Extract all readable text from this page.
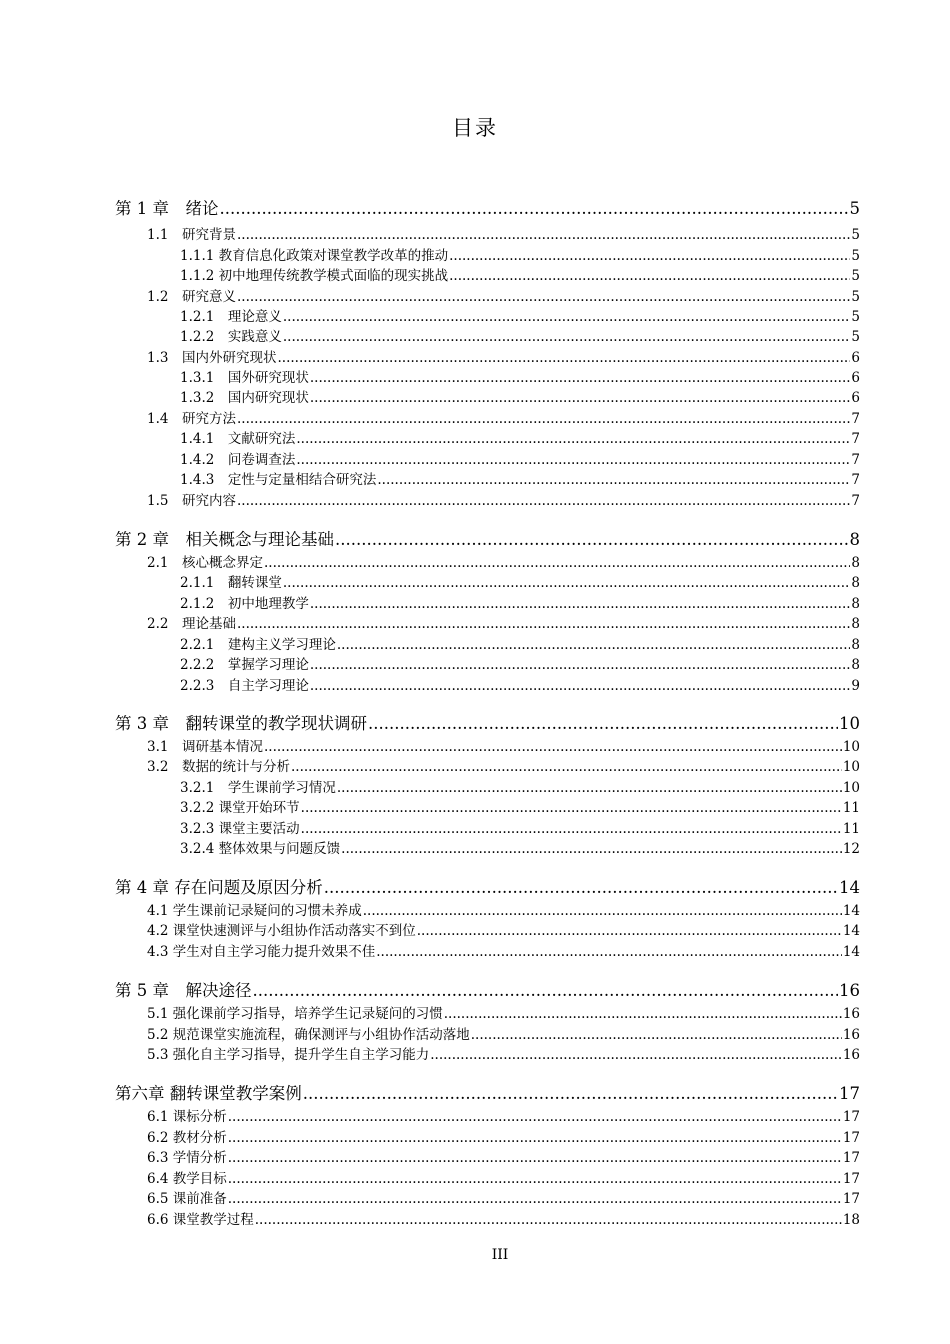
目录
第 1 章　绪论 .....	5
1.1　研究背景 .....	5
1.1.1 教育信息化政策对课堂教学改革的推动 .....	5
1.1.2 初中地理传统教学模式面临的现实挑战 .....	5
1.2　研究意义 .....	5
1.2.1　理论意义 .....	5
1.2.2　实践意义 .....	5
1.3　国内外研究现状 .....	6
1.3.1　国外研究现状 .....	6
1.3.2　国内研究现状 .....	6
1.4　研究方法 .....	7
1.4.1　文献研究法 .....	7
1.4.2　问卷调查法 .....	7
1.4.3　定性与定量相结合研究法 .....	7
1.5　研究内容 .....	7
第 2 章　相关概念与理论基础 .....	8
2.1　核心概念界定 .....	8
2.1.1　翻转课堂 .....	8
2.1.2　初中地理教学 .....	8
2.2　理论基础 .....	8
2.2.1　建构主义学习理论 .....	8
2.2.2　掌握学习理论 .....	8
2.2.3　自主学习理论 .....	9
第 3 章　翻转课堂的教学现状调研 .....	10
3.1　调研基本情况 .....	10
3.2　数据的统计与分析 .....	10
3.2.1　学生课前学习情况 .....	10
3.2.2 课堂开始环节 .....	11
3.2.3 课堂主要活动 .....	11
3.2.4 整体效果与问题反馈 .....	12
第 4 章 存在问题及原因分析 .....	14
4.1 学生课前记录疑问的习惯未养成 .....	14
4.2 课堂快速测评与小组协作活动落实不到位 .....	14
4.3 学生对自主学习能力提升效果不佳 .....	14
第 5 章　解决途径 .....	16
5.1 强化课前学习指导，培养学生记录疑问的习惯 .....	16
5.2 规范课堂实施流程，确保测评与小组协作活动落地 .....	16
5.3 强化自主学习指导，提升学生自主学习能力 .....	16
第六章 翻转课堂教学案例 .....	17
6.1 课标分析 .....	17
6.2 教材分析 .....	17
6.3 学情分析 .....	17
6.4 教学目标 .....	17
6.5 课前准备 .....	17
6.6 课堂教学过程 .....	18
III
